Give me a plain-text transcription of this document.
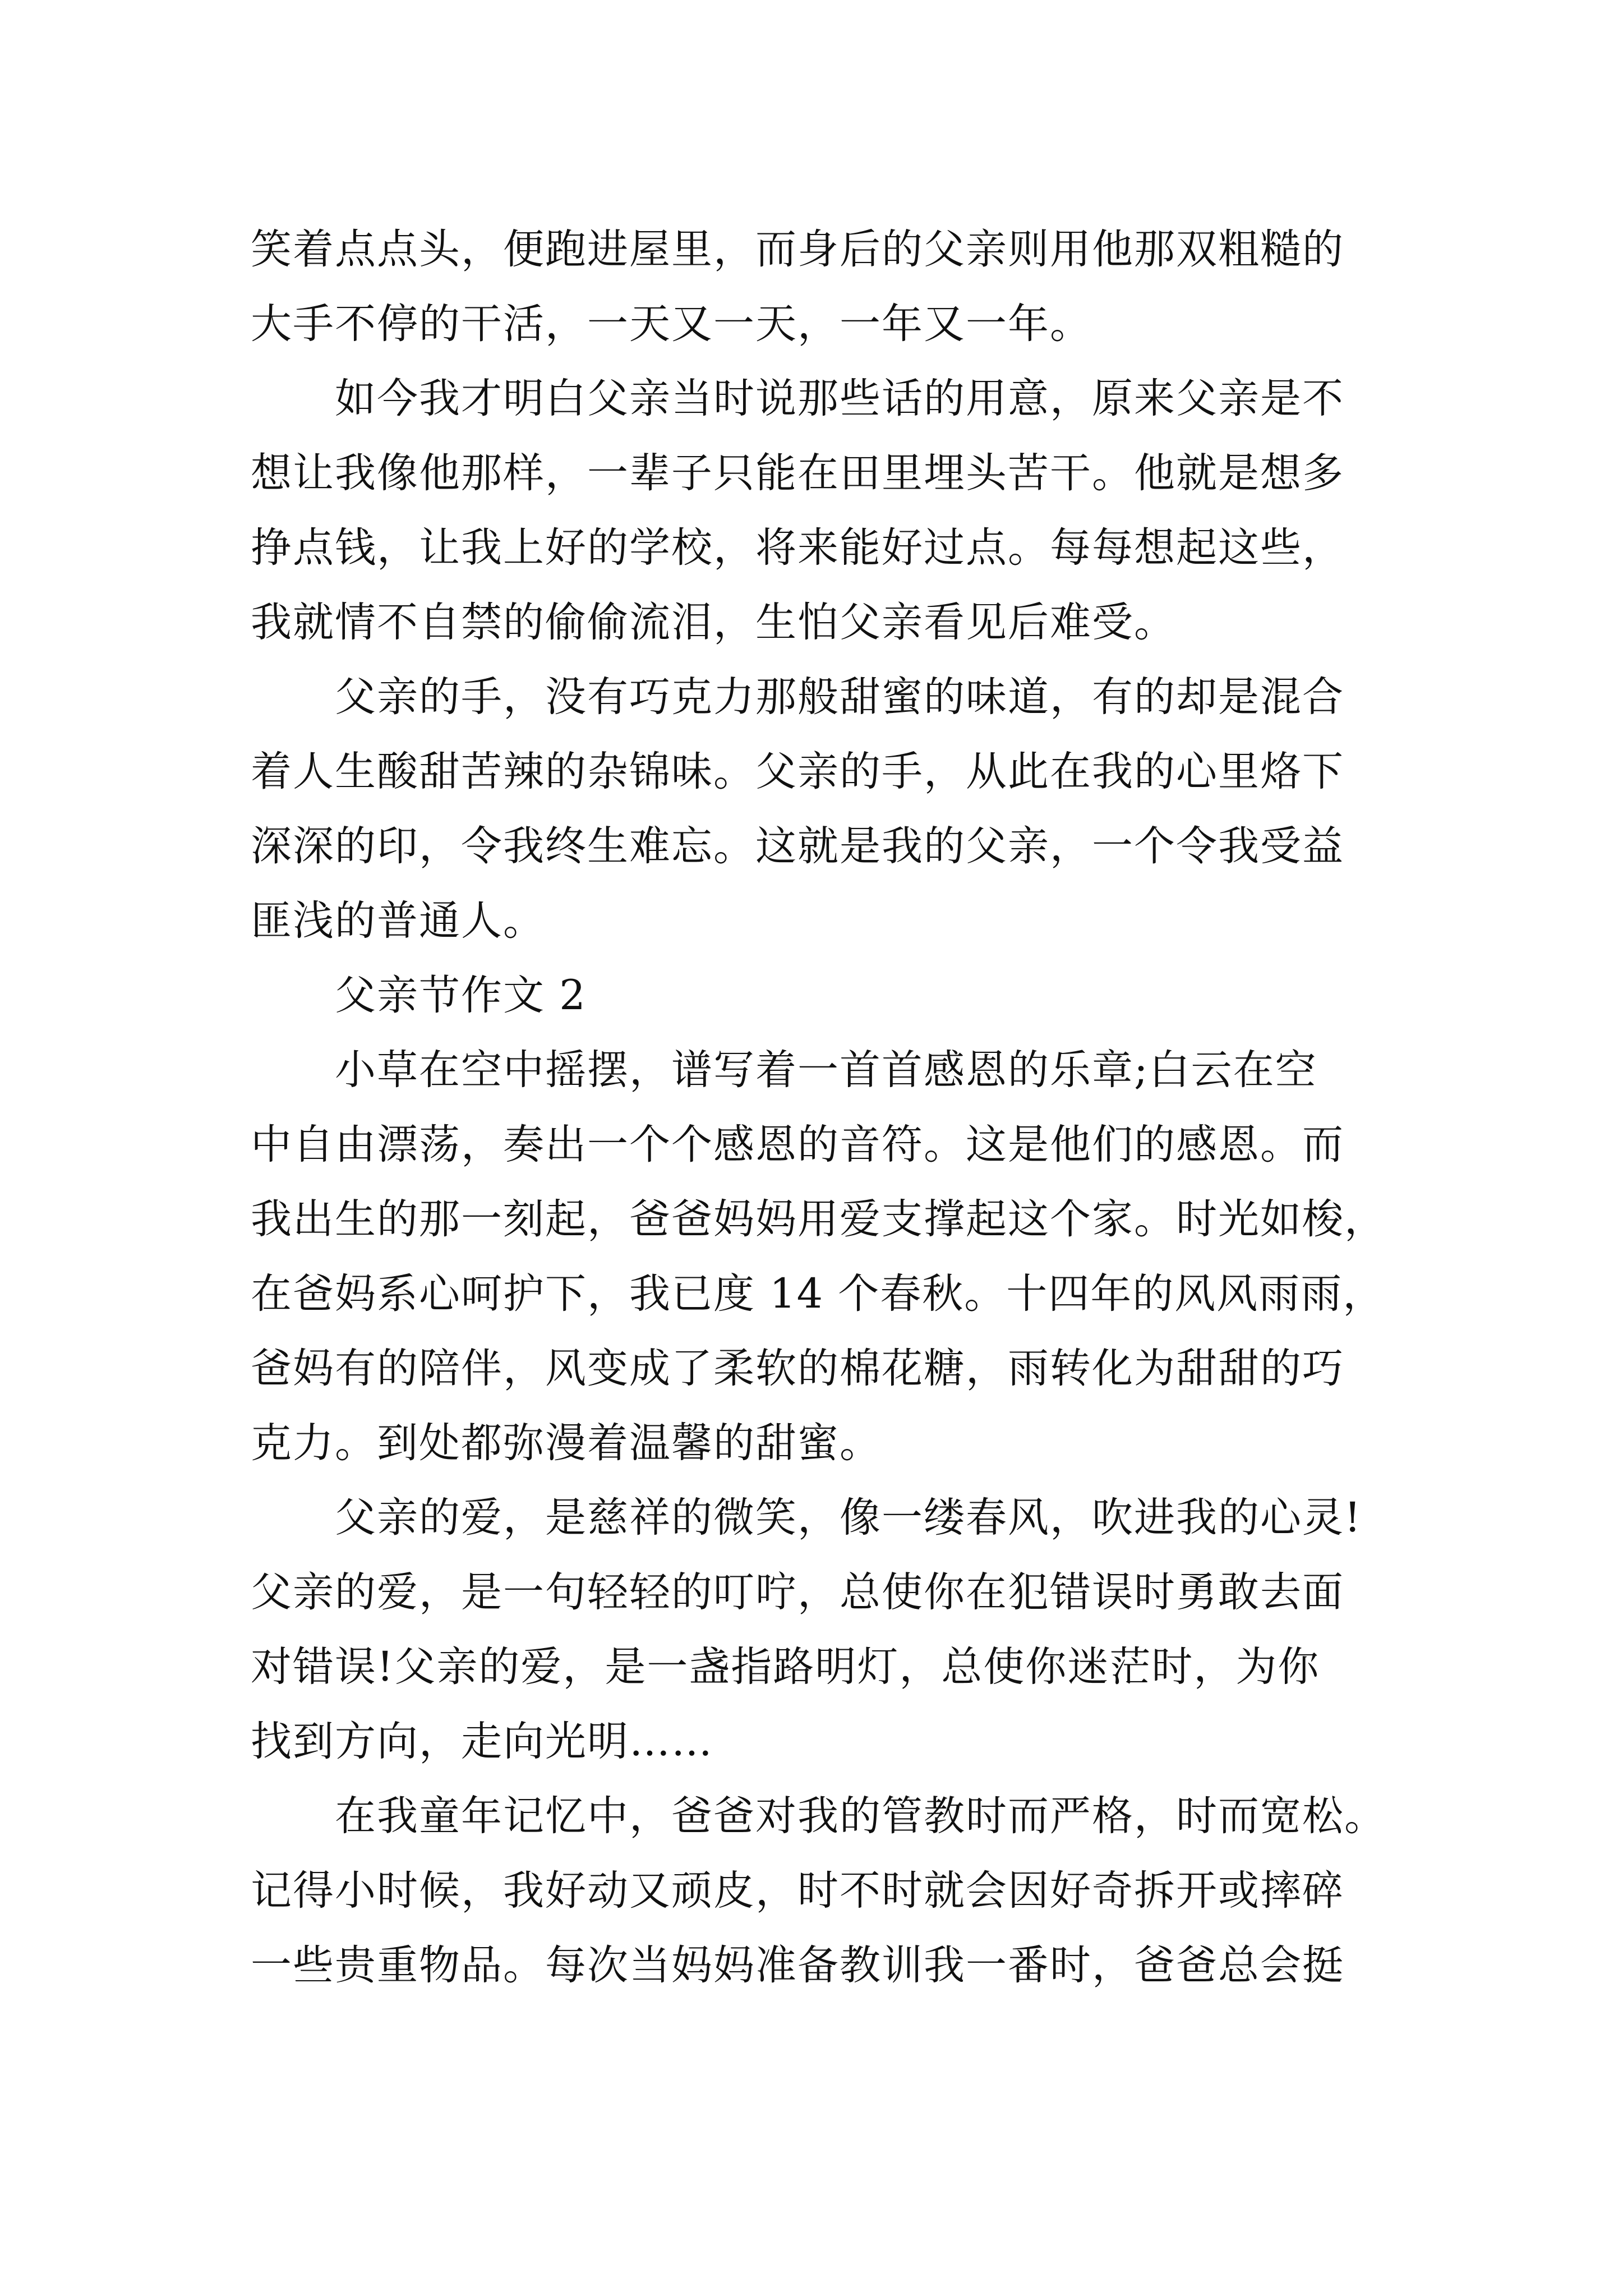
笑着点点头，便跑进屋里，而身后的父亲则用他那双粗糙的
大手不停的干活，一天又一天，一年又一年。
如今我才明白父亲当时说那些话的用意，原来父亲是不
想让我像他那样，一辈子只能在田里埋头苦干。他就是想多
挣点钱，让我上好的学校，将来能好过点。每每想起这些，
我就情不自禁的偷偷流泪，生怕父亲看见后难受。
父亲的手，没有巧克力那般甜蜜的味道，有的却是混合
着人生酸甜苦辣的杂锦味。父亲的手，从此在我的心里烙下
深深的印，令我终生难忘。这就是我的父亲，一个令我受益
匪浅的普通人。
父亲节作文 2
小草在空中摇摆，谱写着一首首感恩的乐章;白云在空
中自由漂荡，奏出一个个感恩的音符。这是他们的感恩。而
我出生的那一刻起，爸爸妈妈用爱支撑起这个家。时光如梭，
在爸妈系心呵护下，我已度 14 个春秋。十四年的风风雨雨，
爸妈有的陪伴，风变成了柔软的棉花糖，雨转化为甜甜的巧
克力。到处都弥漫着温馨的甜蜜。
父亲的爱，是慈祥的微笑，像一缕春风，吹进我的心灵!
父亲的爱，是一句轻轻的叮咛，总使你在犯错误时勇敢去面
对错误!父亲的爱，是一盏指路明灯，总使你迷茫时，为你
找到方向，走向光明……
在我童年记忆中，爸爸对我的管教时而严格，时而宽松。
记得小时候，我好动又顽皮，时不时就会因好奇拆开或摔碎
一些贵重物品。每次当妈妈准备教训我一番时，爸爸总会挺
